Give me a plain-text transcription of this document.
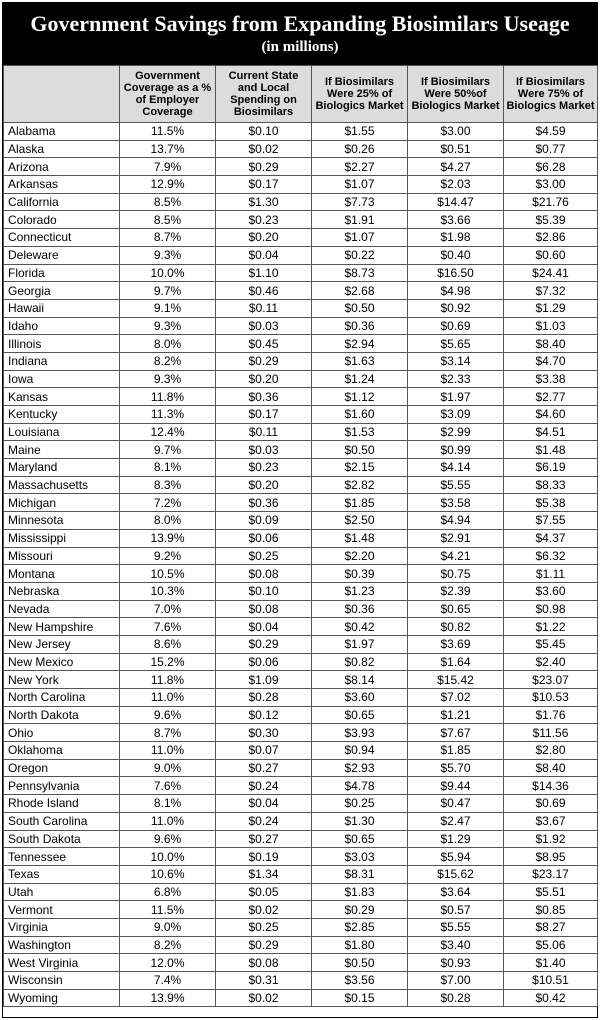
Government Savings from Expanding Biosimilars Useage
(in millions)
	Government Coverage as a % of Employer Coverage	Current State and Local Spending on Biosimilars	If Biosimilars Were 25% of Biologics Market	If Biosimilars Were 50%of Biologics Market	If Biosimilars Were 75% of Biologics Market
Alabama	11.5%	$0.10	$1.55	$3.00	$4.59
Alaska	13.7%	$0.02	$0.26	$0.51	$0.77
Arizona	7.9%	$0.29	$2.27	$4.27	$6.28
Arkansas	12.9%	$0.17	$1.07	$2.03	$3.00
California	8.5%	$1.30	$7.73	$14.47	$21.76
Colorado	8.5%	$0.23	$1.91	$3.66	$5.39
Connecticut	8.7%	$0.20	$1.07	$1.98	$2.86
Deleware	9.3%	$0.04	$0.22	$0.40	$0.60
Florida	10.0%	$1.10	$8.73	$16.50	$24.41
Georgia	9.7%	$0.46	$2.68	$4.98	$7.32
Hawaii	9.1%	$0.11	$0.50	$0.92	$1.29
Idaho	9.3%	$0.03	$0.36	$0.69	$1.03
Illinois	8.0%	$0.45	$2.94	$5.65	$8.40
Indiana	8.2%	$0.29	$1.63	$3.14	$4.70
Iowa	9.3%	$0.20	$1.24	$2.33	$3.38
Kansas	11.8%	$0.36	$1.12	$1.97	$2.77
Kentucky	11.3%	$0.17	$1.60	$3.09	$4.60
Louisiana	12.4%	$0.11	$1.53	$2.99	$4.51
Maine	9.7%	$0.03	$0.50	$0.99	$1.48
Maryland	8.1%	$0.23	$2.15	$4.14	$6.19
Massachusetts	8.3%	$0.20	$2.82	$5.55	$8.33
Michigan	7.2%	$0.36	$1.85	$3.58	$5.38
Minnesota	8.0%	$0.09	$2.50	$4.94	$7.55
Mississippi	13.9%	$0.06	$1.48	$2.91	$4.37
Missouri	9.2%	$0.25	$2.20	$4.21	$6.32
Montana	10.5%	$0.08	$0.39	$0.75	$1.11
Nebraska	10.3%	$0.10	$1.23	$2.39	$3.60
Nevada	7.0%	$0.08	$0.36	$0.65	$0.98
New Hampshire	7.6%	$0.04	$0.42	$0.82	$1.22
New Jersey	8.6%	$0.29	$1.97	$3.69	$5.45
New Mexico	15.2%	$0.06	$0.82	$1.64	$2.40
New York	11.8%	$1.09	$8.14	$15.42	$23.07
North Carolina	11.0%	$0.28	$3.60	$7.02	$10.53
North Dakota	9.6%	$0.12	$0.65	$1.21	$1.76
Ohio	8.7%	$0.30	$3.93	$7.67	$11.56
Oklahoma	11.0%	$0.07	$0.94	$1.85	$2.80
Oregon	9.0%	$0.27	$2.93	$5.70	$8.40
Pennsylvania	7.6%	$0.24	$4.78	$9.44	$14.36
Rhode Island	8.1%	$0.04	$0.25	$0.47	$0.69
South Carolina	11.0%	$0.24	$1.30	$2.47	$3.67
South Dakota	9.6%	$0.27	$0.65	$1.29	$1.92
Tennessee	10.0%	$0.19	$3.03	$5.94	$8.95
Texas	10.6%	$1.34	$8.31	$15.62	$23.17
Utah	6.8%	$0.05	$1.83	$3.64	$5.51
Vermont	11.5%	$0.02	$0.29	$0.57	$0.85
Virginia	9.0%	$0.25	$2.85	$5.55	$8.27
Washington	8.2%	$0.29	$1.80	$3.40	$5.06
West Virginia	12.0%	$0.08	$0.50	$0.93	$1.40
Wisconsin	7.4%	$0.31	$3.56	$7.00	$10.51
Wyoming	13.9%	$0.02	$0.15	$0.28	$0.42
